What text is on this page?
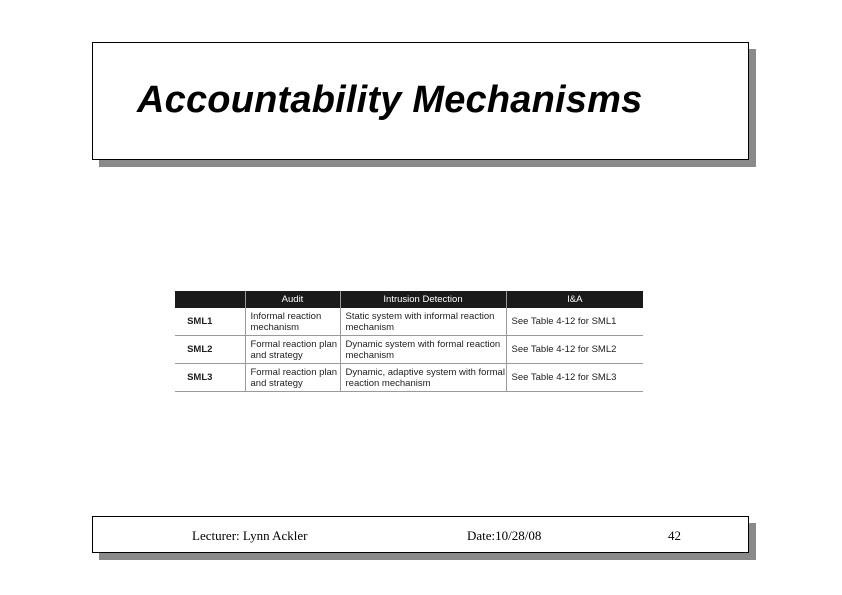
Accountability Mechanisms
	Audit	Intrusion Detection	I&A
SML1	Informal reaction mechanism	Static system with informal reaction mechanism	See Table 4-12 for SML1
SML2	Formal reaction plan and strategy	Dynamic system with formal reaction mechanism	See Table 4-12 for SML2
SML3	Formal reaction plan and strategy	Dynamic, adaptive system with formal reaction mechanism	See Table 4-12 for SML3
Lecturer: Lynn Ackler	Date:10/28/08	42
